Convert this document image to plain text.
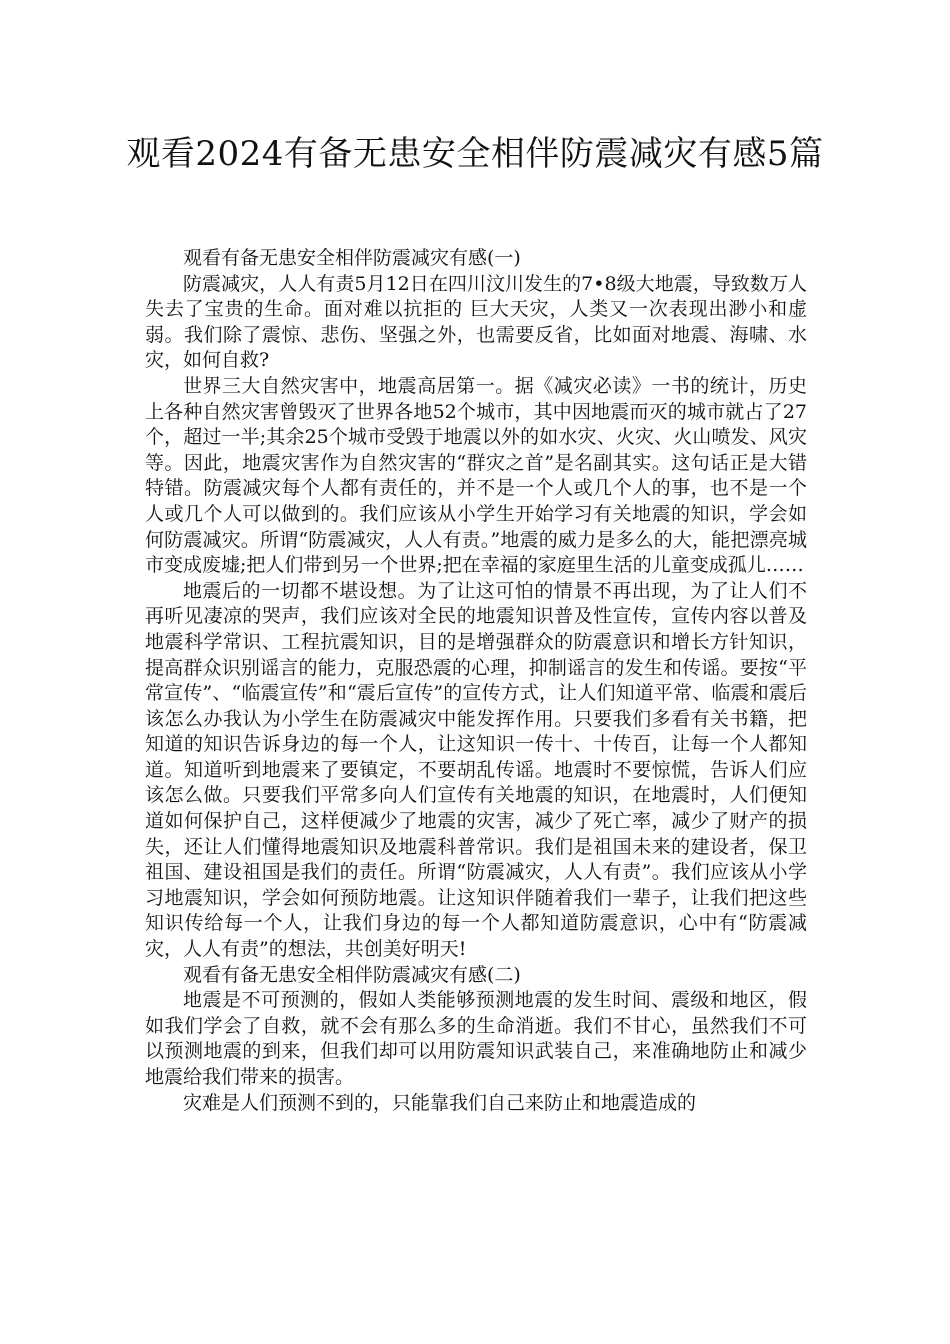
观看2024有备无患安全相伴防震减灾有感5篇

观看有备无患安全相伴防震减灾有感(一)

防震减灾，人人有责5月12日在四川汶川发生的7•8级大地震，导致数万人失去了宝贵的生命。面对难以抗拒的 巨大天灾，人类又一次表现出渺小和虚弱。我们除了震惊、悲伤、坚强之外，也需要反省，比如面对地震、海啸、水灾，如何自救?

世界三大自然灾害中，地震高居第一。据《减灾必读》一书的统计，历史上各种自然灾害曾毁灭了世界各地52个城市，其中因地震而灭的城市就占了27个，超过一半;其余25个城市受毁于地震以外的如水灾、火灾、火山喷发、风灾等。因此，地震灾害作为自然灾害的“群灾之首”是名副其实。这句话正是大错特错。防震减灾每个人都有责任的，并不是一个人或几个人的事，也不是一个人或几个人可以做到的。我们应该从小学生开始学习有关地震的知识，学会如何防震减灾。所谓“防震减灾，人人有责。”地震的威力是多么的大，能把漂亮城市变成废墟;把人们带到另一个世界;把在幸福的家庭里生活的儿童变成孤儿……

地震后的一切都不堪设想。为了让这可怕的情景不再出现，为了让人们不再听见凄凉的哭声，我们应该对全民的地震知识普及性宣传，宣传内容以普及地震科学常识、工程抗震知识，目的是增强群众的防震意识和增长方针知识，提高群众识别谣言的能力，克服恐震的心理，抑制谣言的发生和传谣。要按“平常宣传”、“临震宣传”和“震后宣传”的宣传方式，让人们知道平常、临震和震后该怎么办我认为小学生在防震减灾中能发挥作用。只要我们多看有关书籍，把知道的知识告诉身边的每一个人，让这知识一传十、十传百，让每一个人都知道。知道听到地震来了要镇定，不要胡乱传谣。地震时不要惊慌，告诉人们应该怎么做。只要我们平常多向人们宣传有关地震的知识，在地震时，人们便知道如何保护自己，这样便减少了地震的灾害，减少了死亡率，减少了财产的损失，还让人们懂得地震知识及地震科普常识。我们是祖国未来的建设者，保卫祖国、建设祖国是我们的责任。所谓“防震减灾，人人有责”。我们应该从小学习地震知识，学会如何预防地震。让这知识伴随着我们一辈子，让我们把这些知识传给每一个人，让我们身边的每一个人都知道防震意识，心中有“防震减灾，人人有责”的想法，共创美好明天!

观看有备无患安全相伴防震减灾有感(二)

地震是不可预测的，假如人类能够预测地震的发生时间、震级和地区，假如我们学会了自救，就不会有那么多的生命消逝。我们不甘心，虽然我们不可以预测地震的到来，但我们却可以用防震知识武装自己，来准确地防止和减少地震给我们带来的损害。

灾难是人们预测不到的，只能靠我们自己来防止和地震造成的
